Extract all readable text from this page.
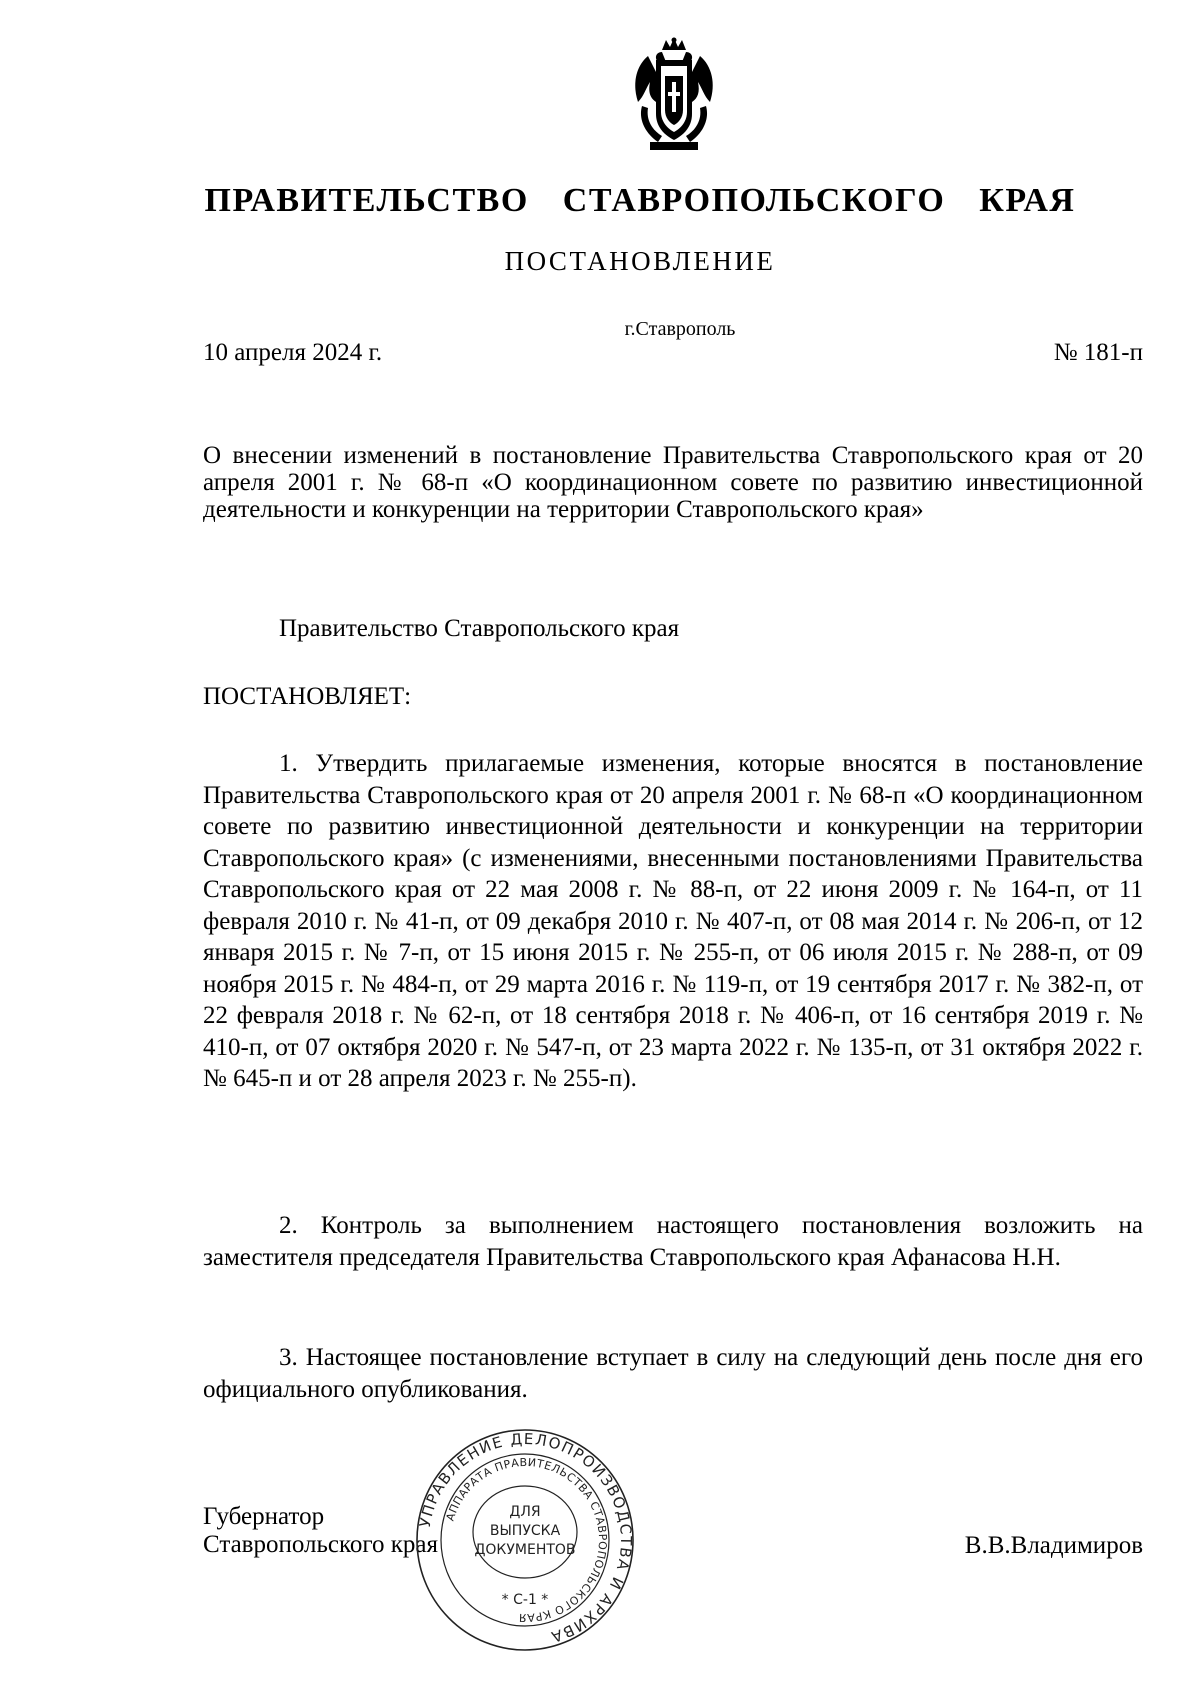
ПРАВИТЕЛЬСТВО СТАВРОПОЛЬСКОГО КРАЯ
ПОСТАНОВЛЕНИЕ
г.Ставрополь
10 апреля 2024 г.	№ 181-п
О внесении изменений в постановление Правительства Ставропольского края от 20 апреля 2001 г. № 68-п «О координационном совете по развитию инвестиционной деятельности и конкуренции на территории Ставропольского края»
Правительство Ставропольского края
ПОСТАНОВЛЯЕТ:
1. Утвердить прилагаемые изменения, которые вносятся в постановление Правительства Ставропольского края от 20 апреля 2001 г. № 68-п «О координационном совете по развитию инвестиционной деятельности и конкуренции на территории Ставропольского края» (с изменениями, внесенными постановлениями Правительства Ставропольского края от 22 мая 2008 г. № 88-п, от 22 июня 2009 г. № 164-п, от 11 февраля 2010 г. № 41-п, от 09 декабря 2010 г. № 407-п, от 08 мая 2014 г. № 206-п, от 12 января 2015 г. № 7-п, от 15 июня 2015 г. № 255-п, от 06 июля 2015 г. № 288-п, от 09 ноября 2015 г. № 484-п, от 29 марта 2016 г. № 119-п, от 19 сентября 2017 г. № 382-п, от 22 февраля 2018 г. № 62-п, от 18 сентября 2018 г. № 406-п, от 16 сентября 2019 г. № 410-п, от 07 октября 2020 г. № 547-п, от 23 марта 2022 г. № 135-п, от 31 октября 2022 г. № 645-п и от 28 апреля 2023 г. № 255-п).
2. Контроль за выполнением настоящего постановления возложить на заместителя председателя Правительства Ставропольского края Афанасова Н.Н.
3. Настоящее постановление вступает в силу на следующий день после дня его официального опубликования.
Губернатор
Ставропольского края	В.В.Владимиров
УПРАВЛЕНИЕ ДЕЛОПРОИЗВОДСТВА И АРХИВА
АППАРАТА ПРАВИТЕЛЬСТВА СТАВРОПОЛЬСКОГО КРАЯ
ДЛЯ
ВЫПУСКА
ДОКУМЕНТОВ
* С-1 *
